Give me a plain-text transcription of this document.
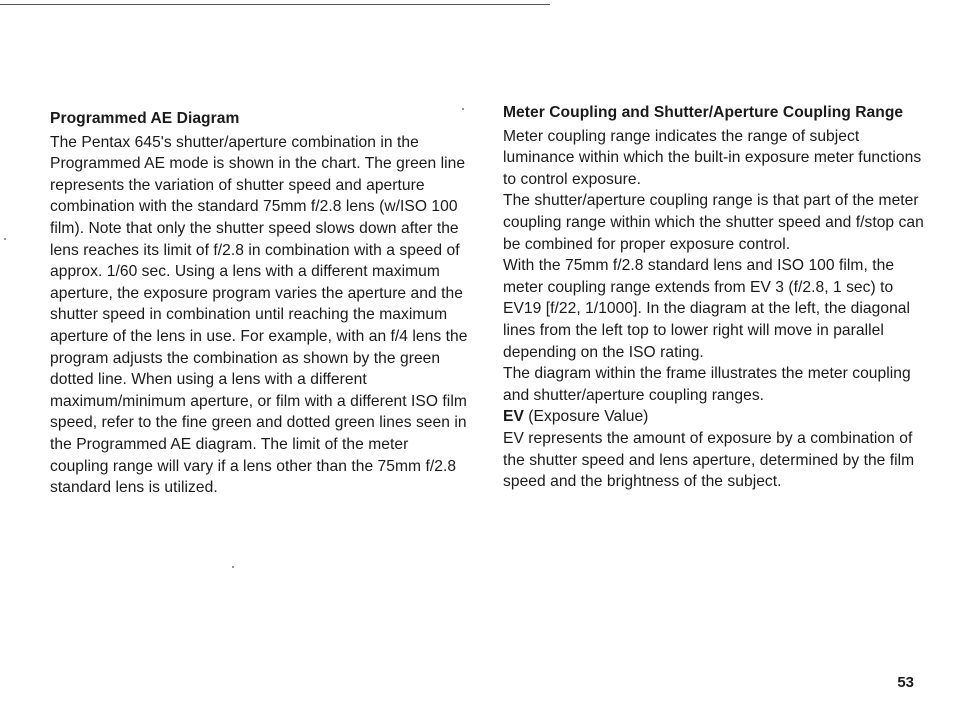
Programmed AE Diagram

The Pentax 645's shutter/aperture combination in the Programmed AE mode is shown in the chart. The green line represents the variation of shutter speed and aperture combination with the standard 75mm f/2.8 lens (w/ISO 100 film). Note that only the shutter speed slows down after the lens reaches its limit of f/2.8 in combination with a speed of approx. 1/60 sec. Using a lens with a different maximum aperture, the exposure program varies the aperture and the shutter speed in combination until reaching the maximum aperture of the lens in use. For example, with an f/4 lens the program adjusts the combination as shown by the green dotted line. When using a lens with a different maximum/minimum aperture, or film with a different ISO film speed, refer to the fine green and dotted green lines seen in the Programmed AE diagram. The limit of the meter coupling range will vary if a lens other than the 75mm f/2.8 standard lens is utilized.

Meter Coupling and Shutter/Aperture Coupling Range

Meter coupling range indicates the range of subject luminance within which the built-in exposure meter functions to control exposure.

The shutter/aperture coupling range is that part of the meter coupling range within which the shutter speed and f/stop can be combined for proper exposure control.

With the 75mm f/2.8 standard lens and ISO 100 film, the meter coupling range extends from EV 3 (f/2.8, 1 sec) to EV19 [f/22, 1/1000]. In the diagram at the left, the diagonal lines from the left top to lower right will move in parallel depending on the ISO rating.

The diagram within the frame illustrates the meter coupling and shutter/aperture coupling ranges.

EV (Exposure Value)

EV represents the amount of exposure by a combination of the shutter speed and lens aperture, determined by the film speed and the brightness of the subject.

53
